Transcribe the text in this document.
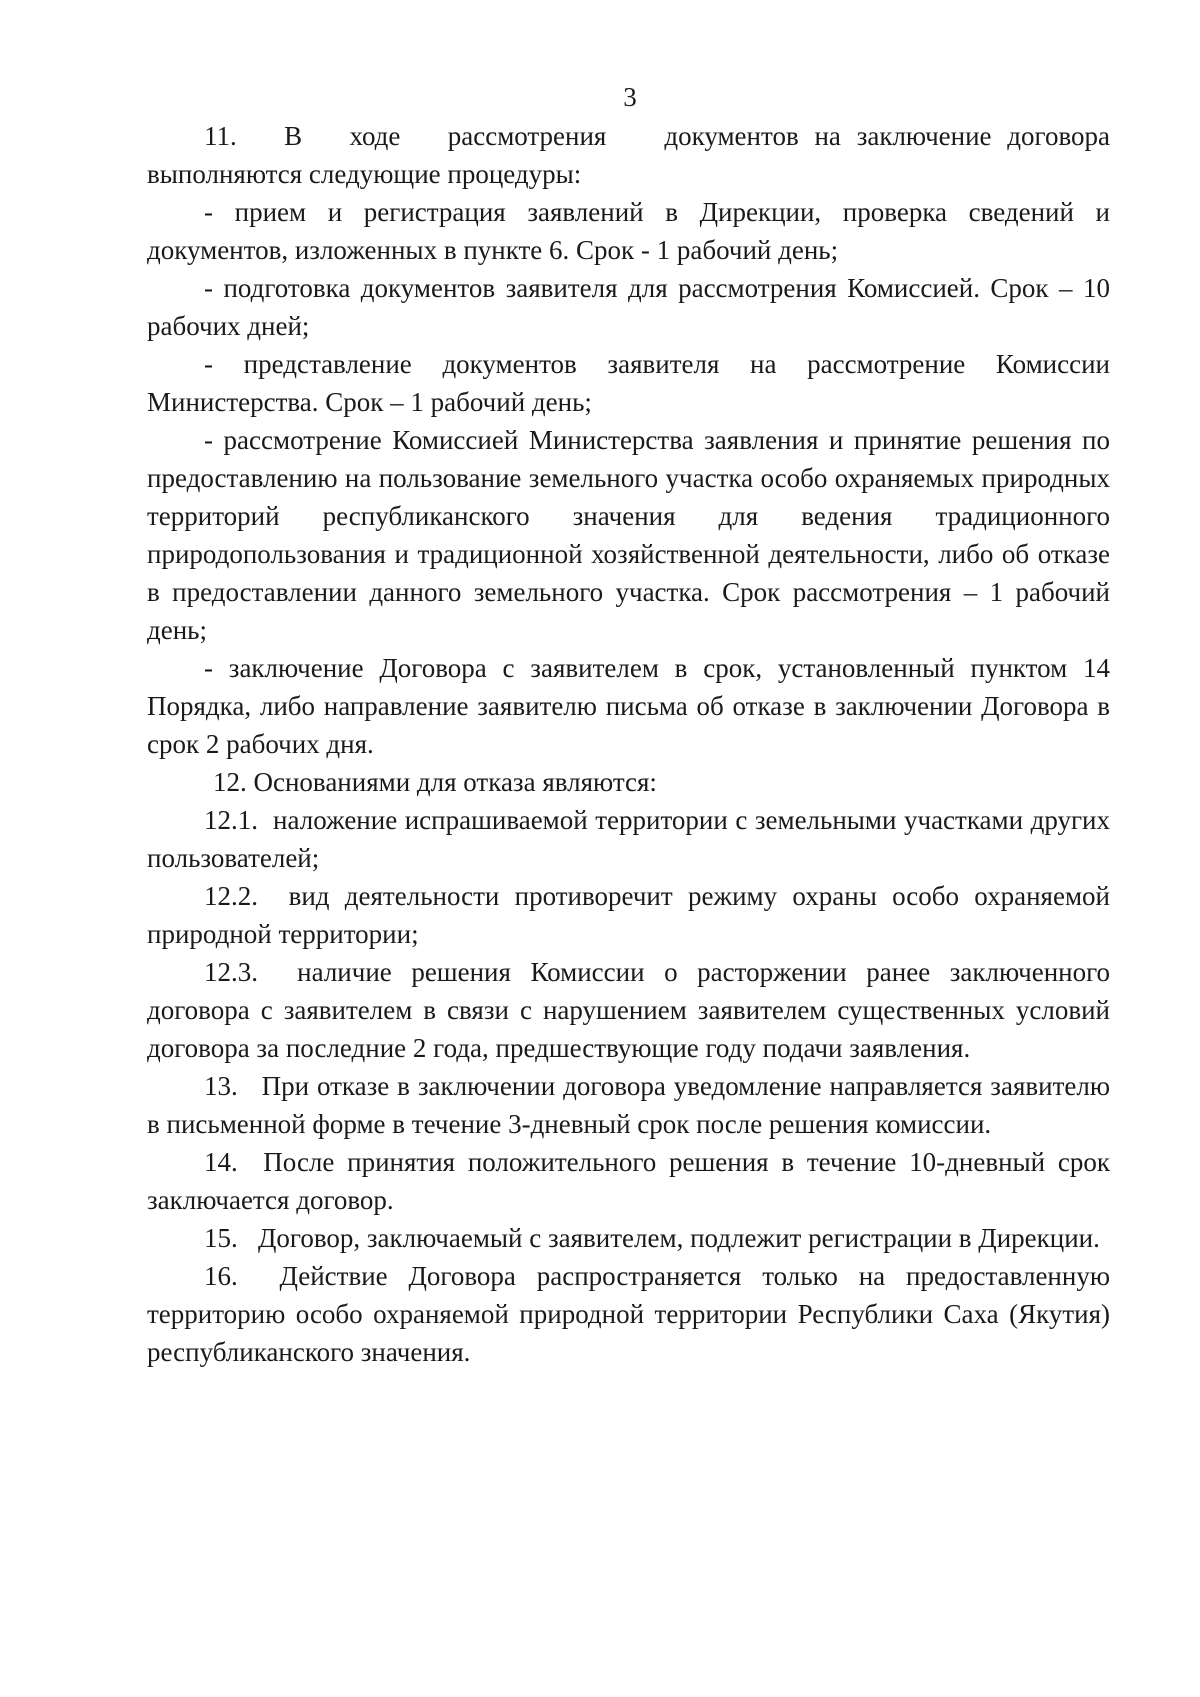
3

11.   В   ходе   рассмотрения документов на заключение договора выполняются следующие процедуры:

- прием и регистрация заявлений в Дирекции, проверка сведений и документов, изложенных в пункте 6. Срок - 1 рабочий день;

- подготовка документов заявителя для рассмотрения Комиссией. Срок – 10 рабочих дней;

- представление документов заявителя на рассмотрение Комиссии Министерства. Срок – 1 рабочий день;

- рассмотрение Комиссией Министерства заявления и принятие решения по предоставлению на пользование земельного участка особо охраняемых природных территорий республиканского значения для ведения традиционного природопользования и традиционной хозяйственной деятельности, либо об отказе в предоставлении данного земельного участка. Срок рассмотрения – 1 рабочий день;

- заключение Договора с заявителем в срок, установленный пунктом 14 Порядка, либо направление заявителю письма об отказе в заключении Договора в срок 2 рабочих дня.

12. Основаниями для отказа являются:

12.1.  наложение испрашиваемой территории с земельными участками других пользователей;

12.2.  вид деятельности противоречит режиму охраны особо охраняемой природной территории;

12.3.  наличие решения Комиссии о расторжении ранее заключенного договора с заявителем в связи с нарушением заявителем существенных условий договора за последние 2 года, предшествующие году подачи заявления.

13.   При отказе в заключении договора уведомление направляется заявителю в письменной форме в течение 3-дневный срок после решения комиссии.

14.  После принятия положительного решения в течение 10-дневный срок заключается договор.

15.   Договор, заключаемый с заявителем, подлежит регистрации в Дирекции.

16.  Действие Договора распространяется только на предоставленную территорию особо охраняемой природной территории Республики Саха (Якутия) республиканского значения.
